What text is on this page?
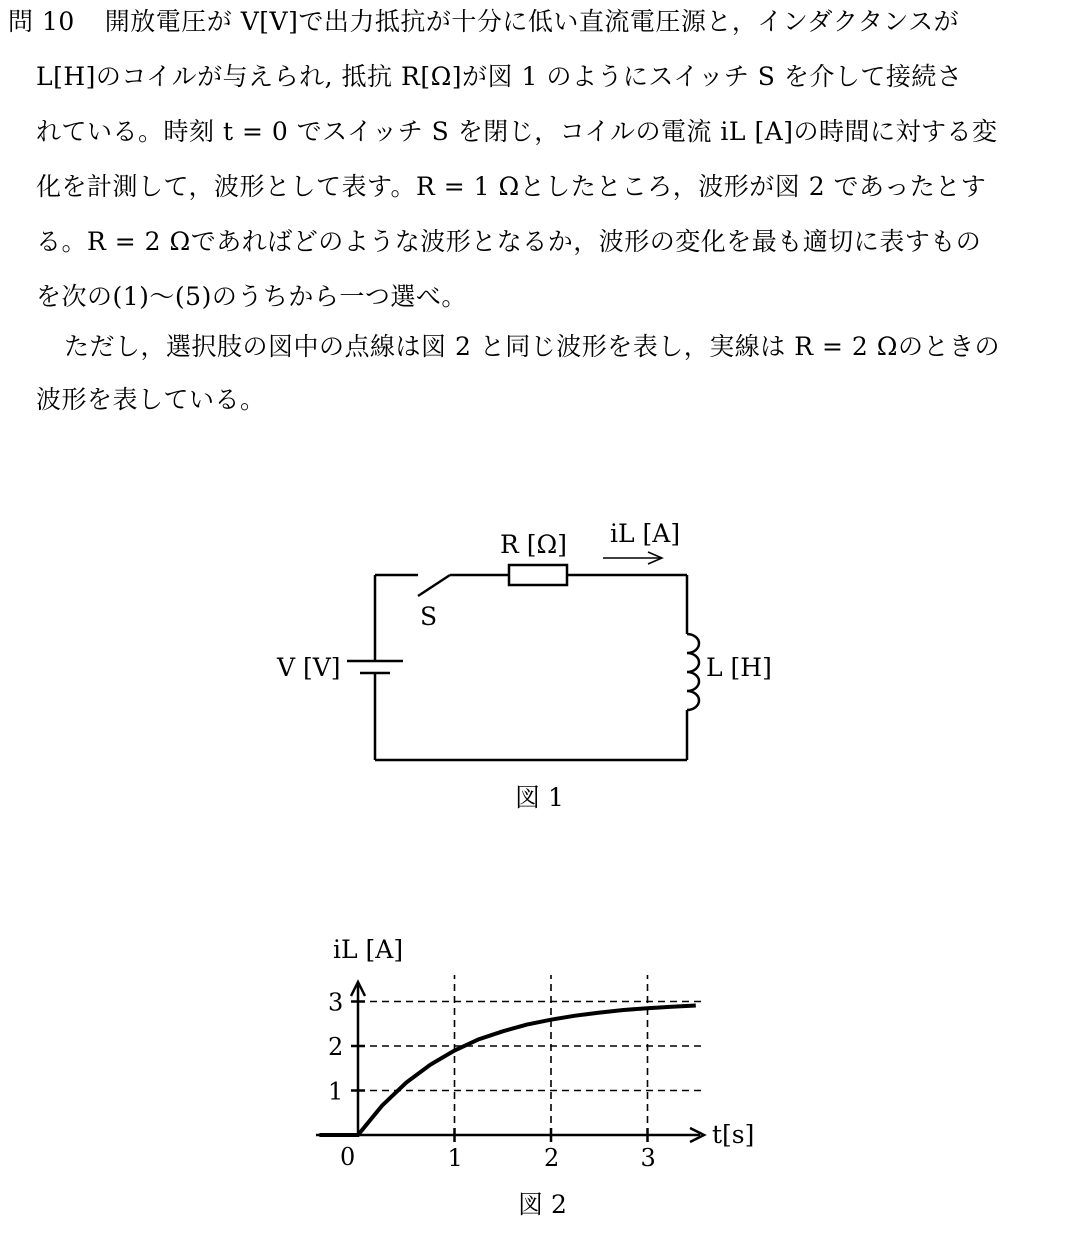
問 10 開放電圧が V[V]で出力抵抗が十分に低い直流電圧源と，インダクタンスが
L[H]のコイルが与えられ, 抵抗 R[Ω]が図 1 のようにスイッチ S を介して接続さ
れている。時刻 t = 0 でスイッチ S を閉じ，コイルの電流 iL [A]の時間に対する変
化を計測して，波形として表す。R = 1 Ωとしたところ，波形が図 2 であったとす
る。R = 2 Ωであればどのような波形となるか，波形の変化を最も適切に表すもの
を次の(1)～(5)のうちから一つ選べ。
ただし，選択肢の図中の点線は図 2 と同じ波形を表し，実線は R = 2 Ωのときの
波形を表している。
R [Ω] iL [A]
S
V [V]	L [H]
図 1
1	2	3
1
2
3
iL [A]
t[s]
0
図 2
